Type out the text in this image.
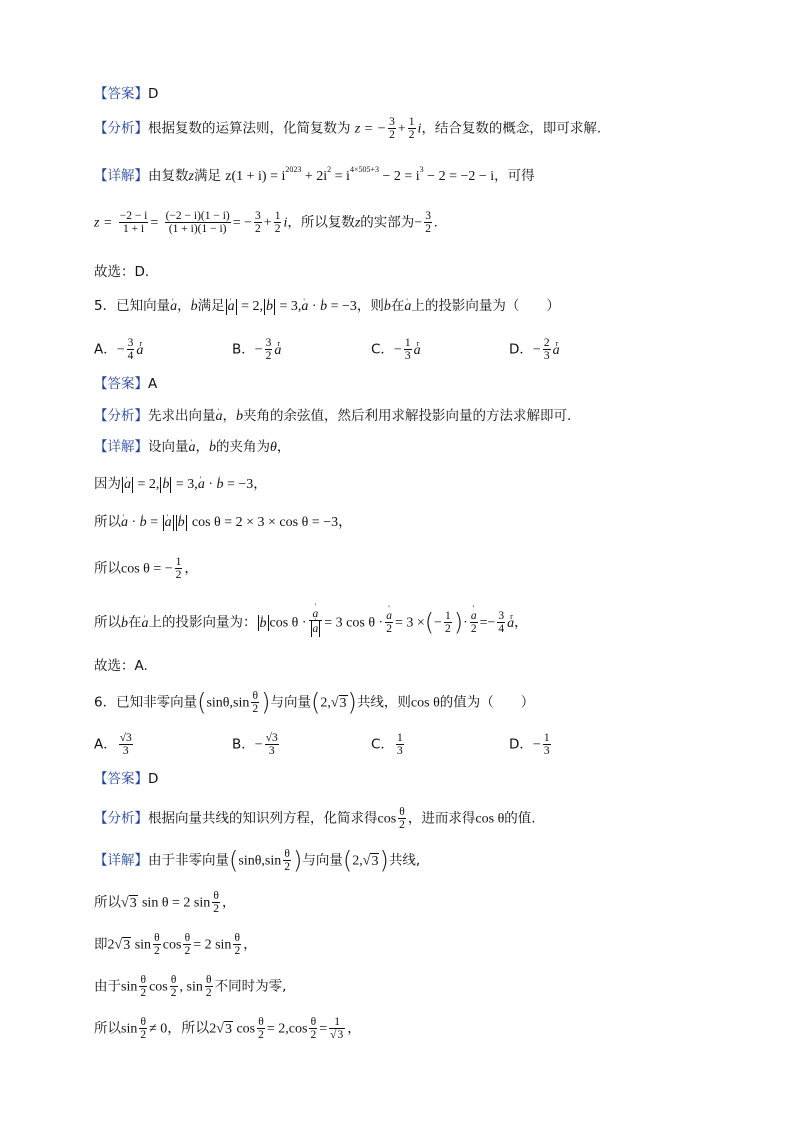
【答案】D
【分析】根据复数的运算法则，化简复数为 z = − $\frac{3}{2} + \frac{1}{2}$ i，结合复数的概念，即可求解.
【详解】由复数z满足 $z(1 + i) = i^{2023} + 2i^2 = i^{4\times 505+3} - 2 = i^3 - 2 = -2 - i$，可得
$z = \frac{-2 - i}{1 + i} = \frac{(-2 - i)(1 - i)}{(1 + i)(1 - i)}$ = − $\frac{3}{2} + \frac{1}{2}$ i，所以复数z的实部为− $\frac{3}{2}$ .
故选：D.
5．已知向量' a，' b满足 ' a = 2, ' b = 3,' a · ' b = −3，则' b在' a上的投影向量为（　　）
A．− $\frac{3}{4}$ r a	B．− $\frac{3}{2}$ r a	C．− $\frac{1}{3}$ r a	D．− $\frac{2}{3}$ r a
【答案】A
【分析】先求出向量' a，' b夹角的余弦值，然后利用求解投影向量的方法求解即可.
【详解】设向量' a，' b的夹角为θ，
因为 ' a = 2, ' b = 3,' a · ' b = −3，
所以' a · ' b = ' a ' b cos θ = 2 × 3 × cos θ = −3，
所以cos θ = − $\frac{1}{2}$ ，
所以' b在' a上的投影向量为： ' b cos θ · ' a
' a = 3 cos θ · ' $\frac{a}{2} = 3$ ×(− $\frac{1}{2}$ )· ' $\frac{a}{2} =- \frac{3}{4}$ r a，
故选：A.
6．已知非零向量($\sin\theta,\sin \frac{\theta}{2}$ )与向量(2,√3)共线，则cos θ的值为（　　）
A． $\frac{√3}{3}$	B．− $\frac{√3}{3}$	C． $\frac{1}{3}$	D．− $\frac{1}{3}$
【答案】D
【分析】根据向量共线的知识列方程，化简求得$\cos \frac{\theta}{2}$ ，进而求得cos θ的值.
【详解】由于非零向量($\sin\theta,\sin \frac{\theta}{2}$ )与向量(2,√3)共线,
所以√3 sin θ = 2 $\sin \frac{\theta}{2}$ ，
即2√3 $\sin \frac{\theta}{2}$ $\cos \frac{\theta}{2} = 2$ $\sin \frac{\theta}{2}$ ，
由于$\sin \frac{\theta}{2}$ $\cos \frac{\theta}{2}$ , $\sin \frac{\theta}{2}$ 不同时为零,
所以$\sin \frac{\theta}{2} \ne 0$，所以2√3 $\cos \frac{\theta}{2} = 2,\cos \frac{\theta}{2} = \frac{1}{√3}$ ，
